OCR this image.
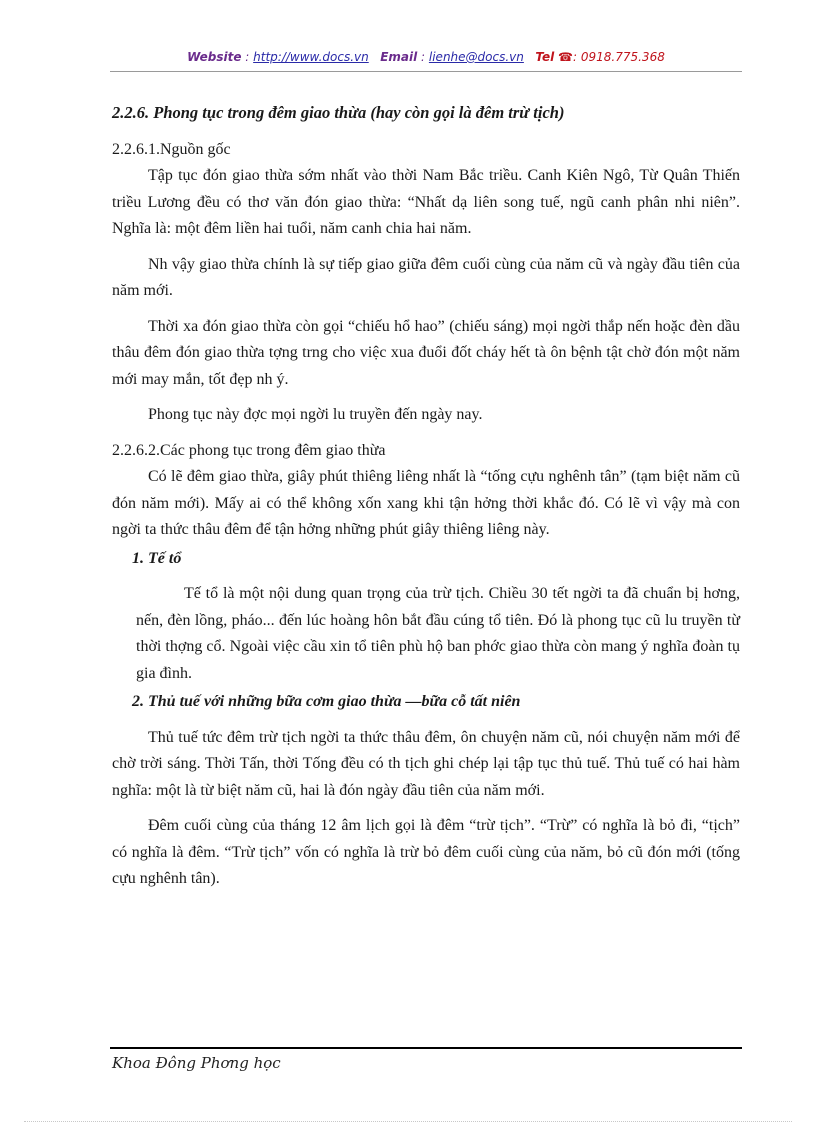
Website : http://www.docs.vn Email : lienhe@docs.vn Tel ☎: 0918.775.368

2.2.6. Phong tục trong đêm giao thừa (hay còn gọi là đêm trừ tịch)

2.2.6.1.Nguồn gốc

Tập tục đón giao thừa sớm nhất vào thời Nam Bắc triều. Canh Kiên Ngô, Từ Quân Thiến triều Lương đều có thơ văn đón giao thừa: “Nhất dạ liên song tuế, ngũ canh phân nhi niên”. Nghĩa là: một đêm liền hai tuổi, năm canh chia hai năm.

Nh vậy giao thừa chính là sự tiếp giao giữa đêm cuối cùng của năm cũ và ngày đầu tiên của năm mới.

Thời xa đón giao thừa còn gọi “chiếu hổ hao” (chiếu sáng) mọi ngời thắp nến hoặc đèn dầu thâu đêm đón giao thừa tợng trng cho việc xua đuổi đốt cháy hết tà ôn bệnh tật chờ đón một năm mới may mắn, tốt đẹp nh ý.

Phong tục này đợc mọi ngời lu truyền đến ngày nay.

2.2.6.2.Các phong tục trong đêm giao thừa

Có lẽ đêm giao thừa, giây phút thiêng liêng nhất là “tống cựu nghênh tân” (tạm biệt năm cũ đón năm mới). Mấy ai có thể không xốn xang khi tận hởng thời khắc đó. Có lẽ vì vậy mà con ngời ta thức thâu đêm để tận hởng những phút giây thiêng liêng này.

1. Tế tổ

Tế tổ là một nội dung quan trọng của trừ tịch. Chiều 30 tết ngời ta đã chuẩn bị hơng, nến, đèn lồng, pháo... đến lúc hoàng hôn bắt đầu cúng tổ tiên. Đó là phong tục cũ lu truyền từ thời thợng cổ. Ngoài việc cầu xin tổ tiên phù hộ ban phớc giao thừa còn mang ý nghĩa đoàn tụ gia đình.

2. Thủ tuế với những bữa cơm giao thừa —bữa cỗ tất niên

Thủ tuế tức đêm trừ tịch ngời ta thức thâu đêm, ôn chuyện năm cũ, nói chuyện năm mới để chờ trời sáng. Thời Tấn, thời Tống đều có th tịch ghi chép lại tập tục thủ tuế. Thủ tuế có hai hàm nghĩa: một là từ biệt năm cũ, hai là đón ngày đầu tiên của năm mới.

Đêm cuối cùng của tháng 12 âm lịch gọi là đêm “trừ tịch”. “Trừ” có nghĩa là bỏ đi, “tịch” có nghĩa là đêm. “Trừ tịch” vốn có nghĩa là trừ bỏ đêm cuối cùng của năm, bỏ cũ đón mới (tống cựu nghênh tân).

Khoa Đông Phơng học
